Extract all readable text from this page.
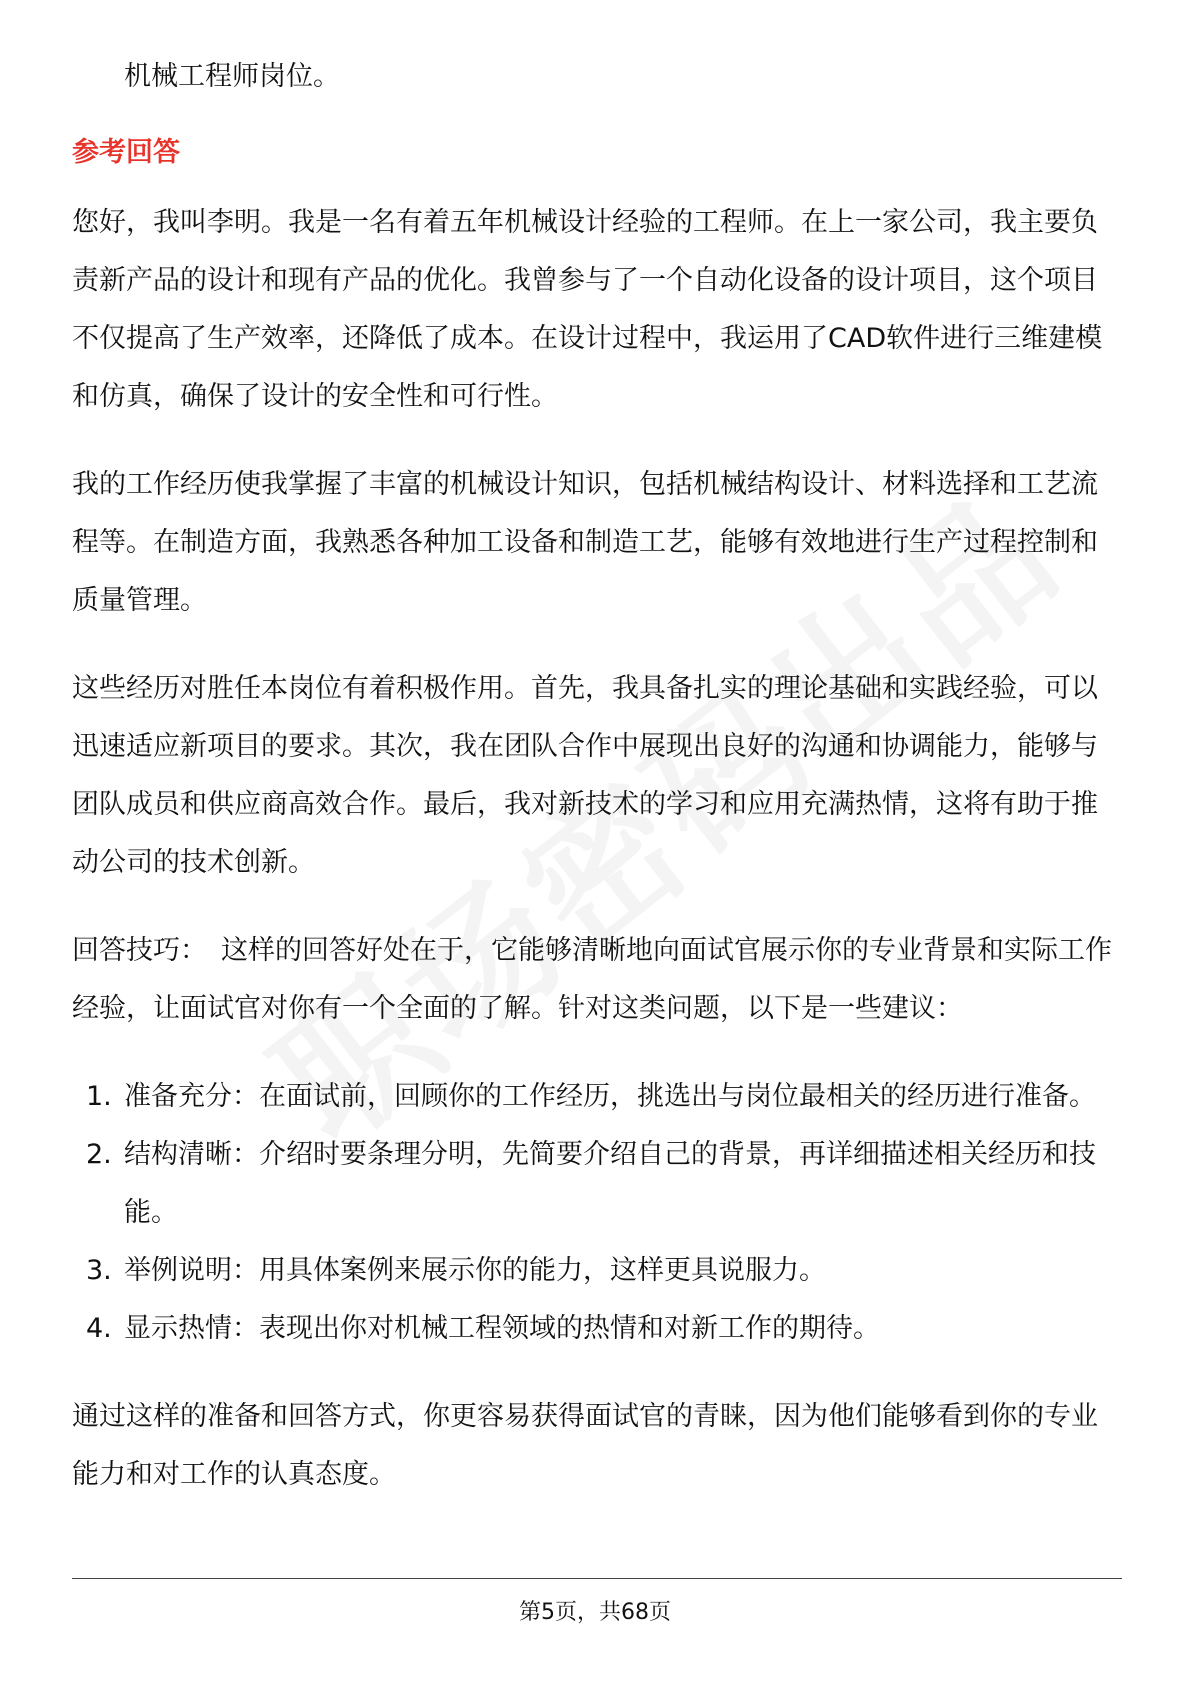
机械工程师岗位。

参考回答

您好，我叫李明。我是一名有着五年机械设计经验的工程师。在上一家公司，我主要负责新产品的设计和现有产品的优化。我曾参与了一个自动化设备的设计项目，这个项目不仅提高了生产效率，还降低了成本。在设计过程中，我运用了CAD软件进行三维建模和仿真，确保了设计的安全性和可行性。

我的工作经历使我掌握了丰富的机械设计知识，包括机械结构设计、材料选择和工艺流程等。在制造方面，我熟悉各种加工设备和制造工艺，能够有效地进行生产过程控制和质量管理。

这些经历对胜任本岗位有着积极作用。首先，我具备扎实的理论基础和实践经验，可以迅速适应新项目的要求。其次，我在团队合作中展现出良好的沟通和协调能力，能够与团队成员和供应商高效合作。最后，我对新技术的学习和应用充满热情，这将有助于推动公司的技术创新。

回答技巧： 这样的回答好处在于，它能够清晰地向面试官展示你的专业背景和实际工作经验，让面试官对你有一个全面的了解。针对这类问题，以下是一些建议：

1. 准备充分：在面试前，回顾你的工作经历，挑选出与岗位最相关的经历进行准备。
2. 结构清晰：介绍时要条理分明，先简要介绍自己的背景，再详细描述相关经历和技能。
3. 举例说明：用具体案例来展示你的能力，这样更具说服力。
4. 显示热情：表现出你对机械工程领域的热情和对新工作的期待。

通过这样的准备和回答方式，你更容易获得面试官的青睐，因为他们能够看到你的专业能力和对工作的认真态度。

第5页，共68页
